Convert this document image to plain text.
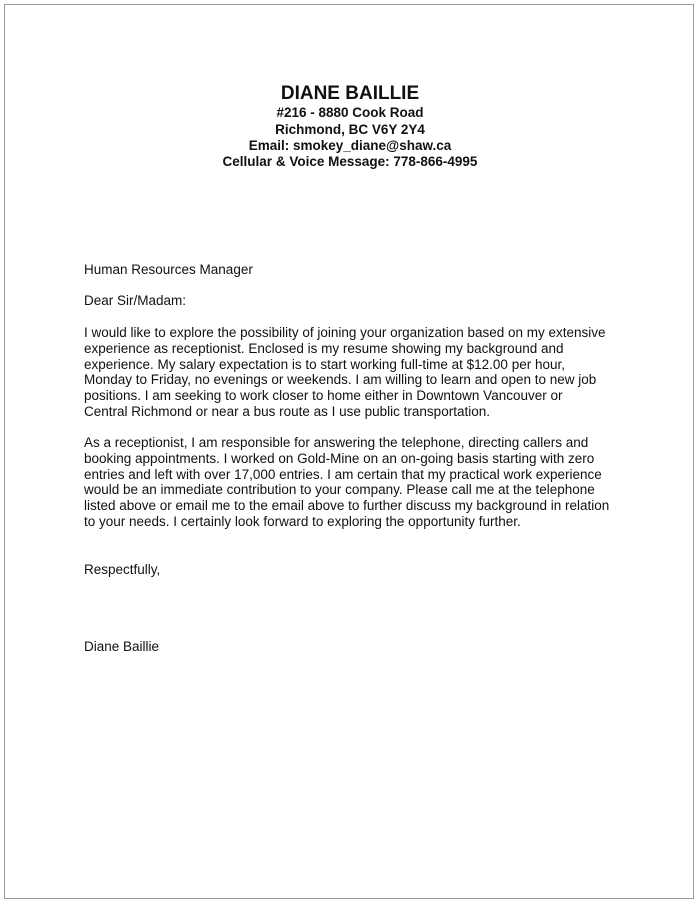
DIANE BAILLIE
#216 - 8880 Cook Road
Richmond, BC V6Y 2Y4
Email: smokey_diane@shaw.ca
Cellular & Voice Message: 778-866-4995
Human Resources Manager
Dear Sir/Madam:
I would like to explore the possibility of joining your organization based on my extensive
experience as receptionist. Enclosed is my resume showing my background and
experience. My salary expectation is to start working full-time at $12.00 per hour,
Monday to Friday, no evenings or weekends. I am willing to learn and open to new job
positions. I am seeking to work closer to home either in Downtown Vancouver or
Central Richmond or near a bus route as I use public transportation.
As a receptionist, I am responsible for answering the telephone, directing callers and
booking appointments. I worked on Gold-Mine on an on-going basis starting with zero
entries and left with over 17,000 entries. I am certain that my practical work experience
would be an immediate contribution to your company. Please call me at the telephone
listed above or email me to the email above to further discuss my background in relation
to your needs. I certainly look forward to exploring the opportunity further.
Respectfully,
Diane Baillie
